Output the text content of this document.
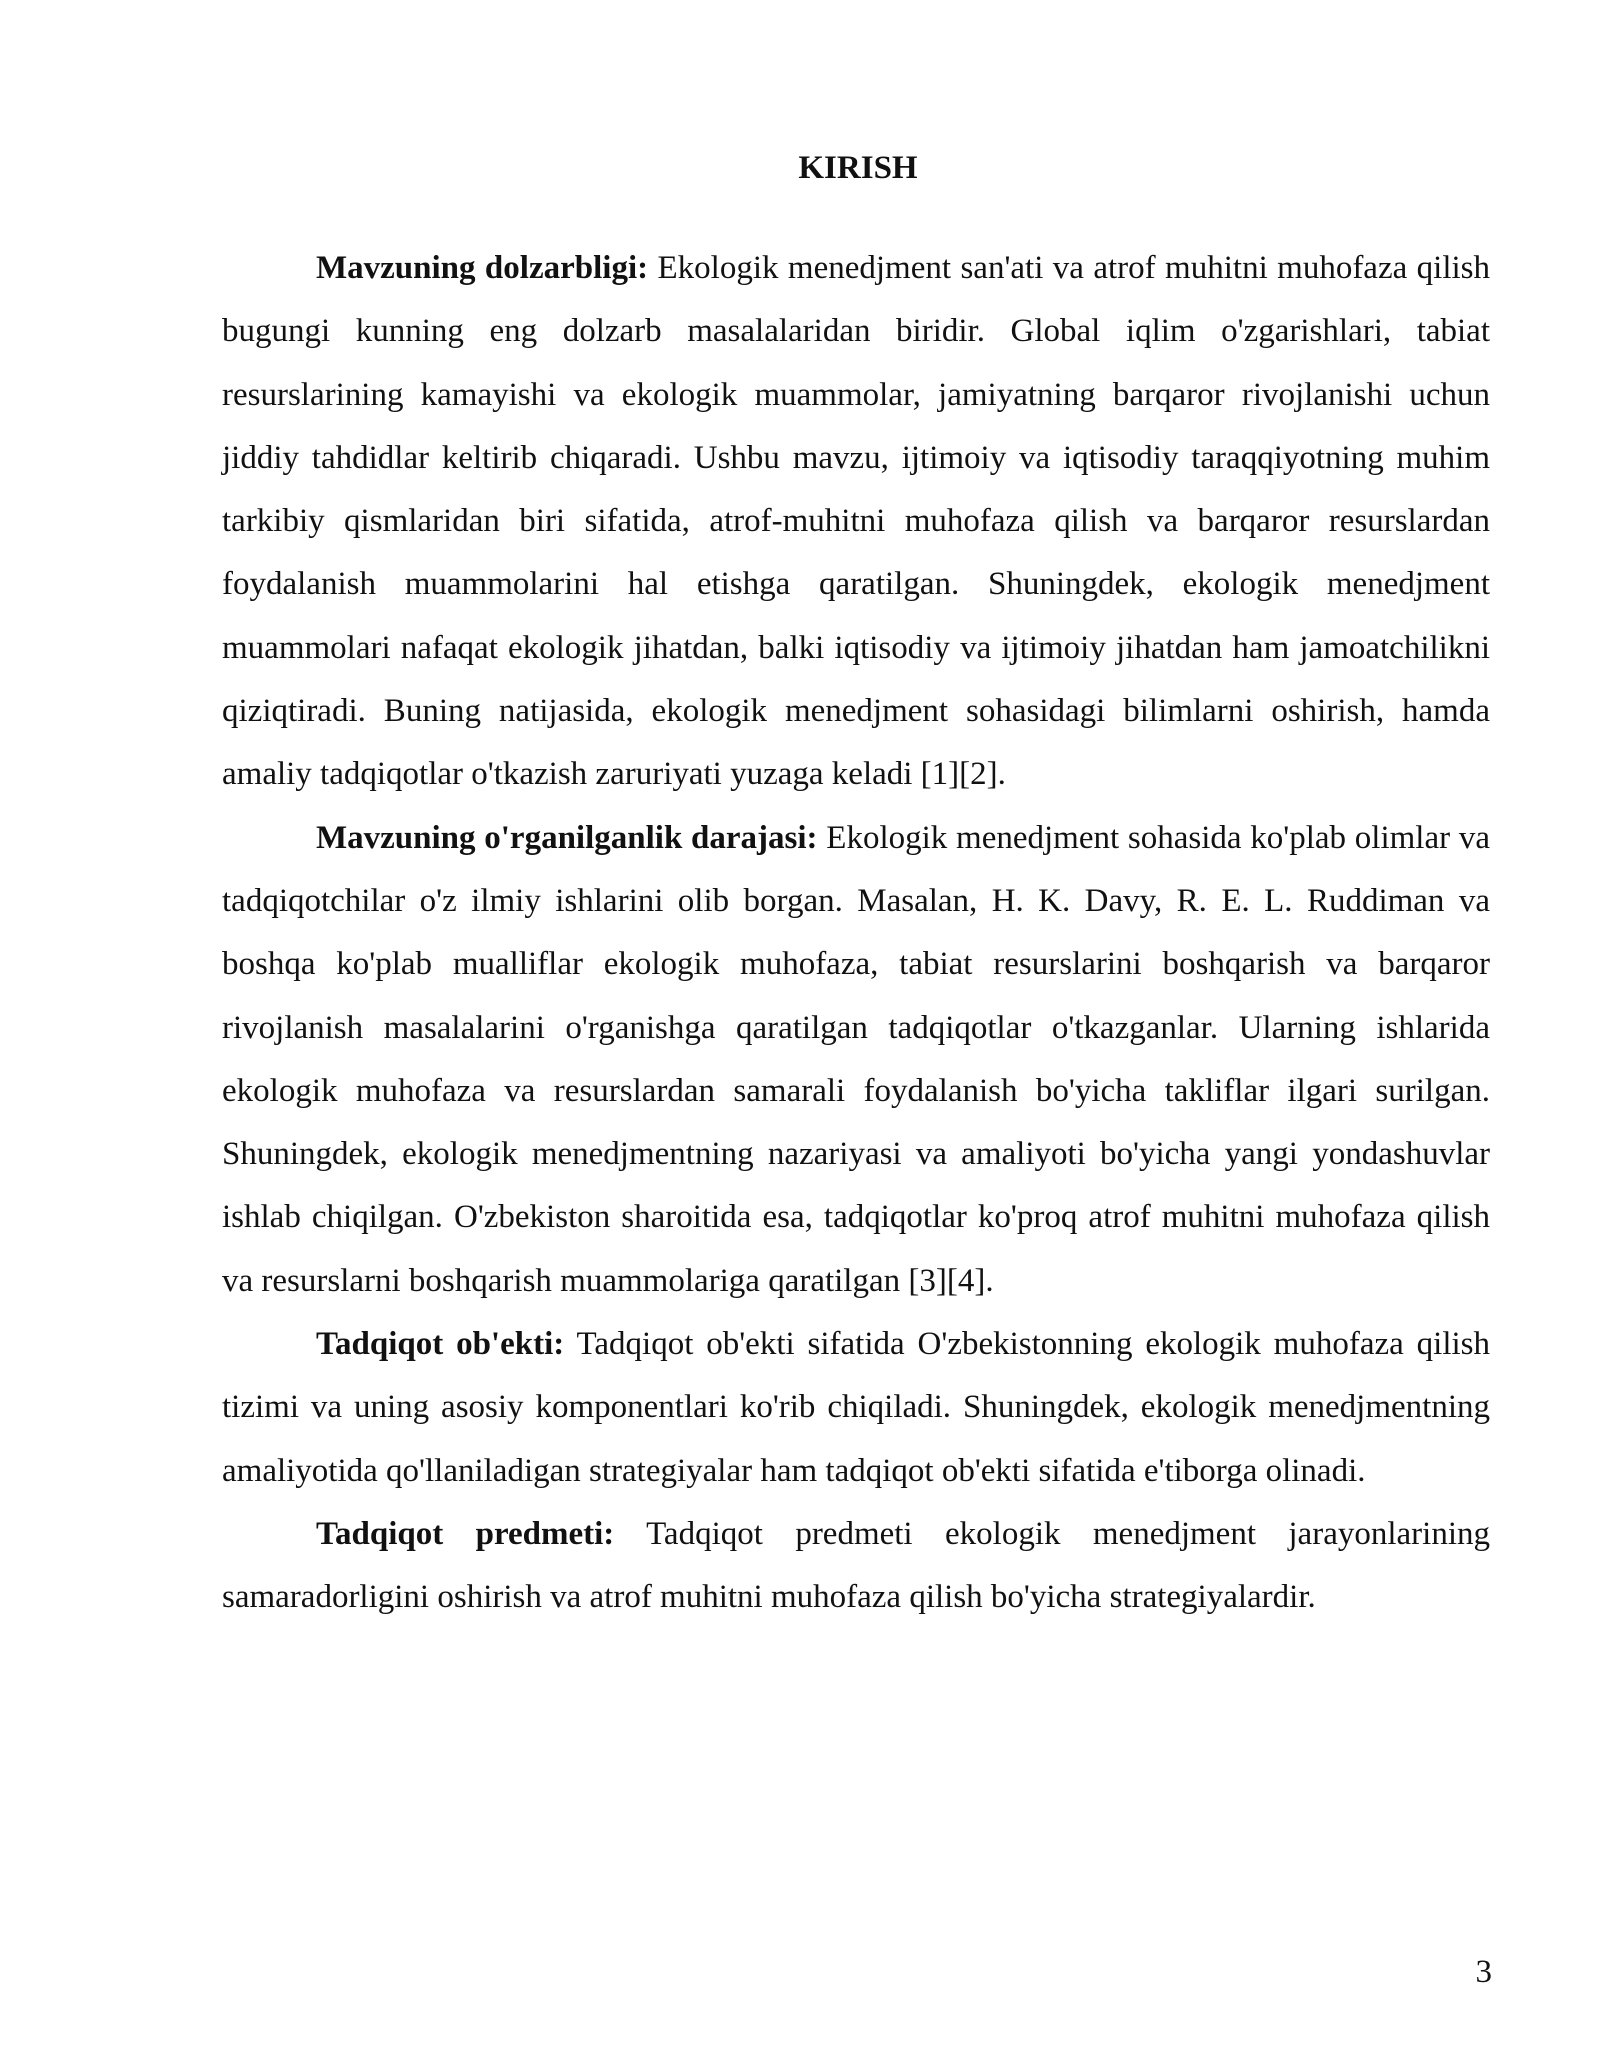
KIRISH

Mavzuning dolzarbligi: Ekologik menedjment san'ati va atrof muhitni muhofaza qilish bugungi kunning eng dolzarb masalalaridan biridir. Global iqlim o'zgarishlari, tabiat resurslarining kamayishi va ekologik muammolar, jamiyatning barqaror rivojlanishi uchun jiddiy tahdidlar keltirib chiqaradi. Ushbu mavzu, ijtimoiy va iqtisodiy taraqqiyotning muhim tarkibiy qismlaridan biri sifatida, atrof-muhitni muhofaza qilish va barqaror resurslardan foydalanish muammolarini hal etishga qaratilgan. Shuningdek, ekologik menedjment muammolari nafaqat ekologik jihatdan, balki iqtisodiy va ijtimoiy jihatdan ham jamoatchilikni qiziqtiradi. Buning natijasida, ekologik menedjment sohasidagi bilimlarni oshirish, hamda amaliy tadqiqotlar o'tkazish zaruriyati yuzaga keladi [1][2].

Mavzuning o'rganilganlik darajasi: Ekologik menedjment sohasida ko'plab olimlar va tadqiqotchilar o'z ilmiy ishlarini olib borgan. Masalan, H. K. Davy, R. E. L. Ruddiman va boshqa ko'plab mualliflar ekologik muhofaza, tabiat resurslarini boshqarish va barqaror rivojlanish masalalarini o'rganishga qaratilgan tadqiqotlar o'tkazganlar. Ularning ishlarida ekologik muhofaza va resurslardan samarali foydalanish bo'yicha takliflar ilgari surilgan. Shuningdek, ekologik menedjmentning nazariyasi va amaliyoti bo'yicha yangi yondashuvlar ishlab chiqilgan. O'zbekiston sharoitida esa, tadqiqotlar ko'proq atrof muhitni muhofaza qilish va resurslarni boshqarish muammolariga qaratilgan [3][4].

Tadqiqot ob'ekti: Tadqiqot ob'ekti sifatida O'zbekistonning ekologik muhofaza qilish tizimi va uning asosiy komponentlari ko'rib chiqiladi. Shuningdek, ekologik menedjmentning amaliyotida qo'llaniladigan strategiyalar ham tadqiqot ob'ekti sifatida e'tiborga olinadi.

Tadqiqot predmeti: Tadqiqot predmeti ekologik menedjment jarayonlarining samaradorligini oshirish va atrof muhitni muhofaza qilish bo'yicha strategiyalardir.

3
